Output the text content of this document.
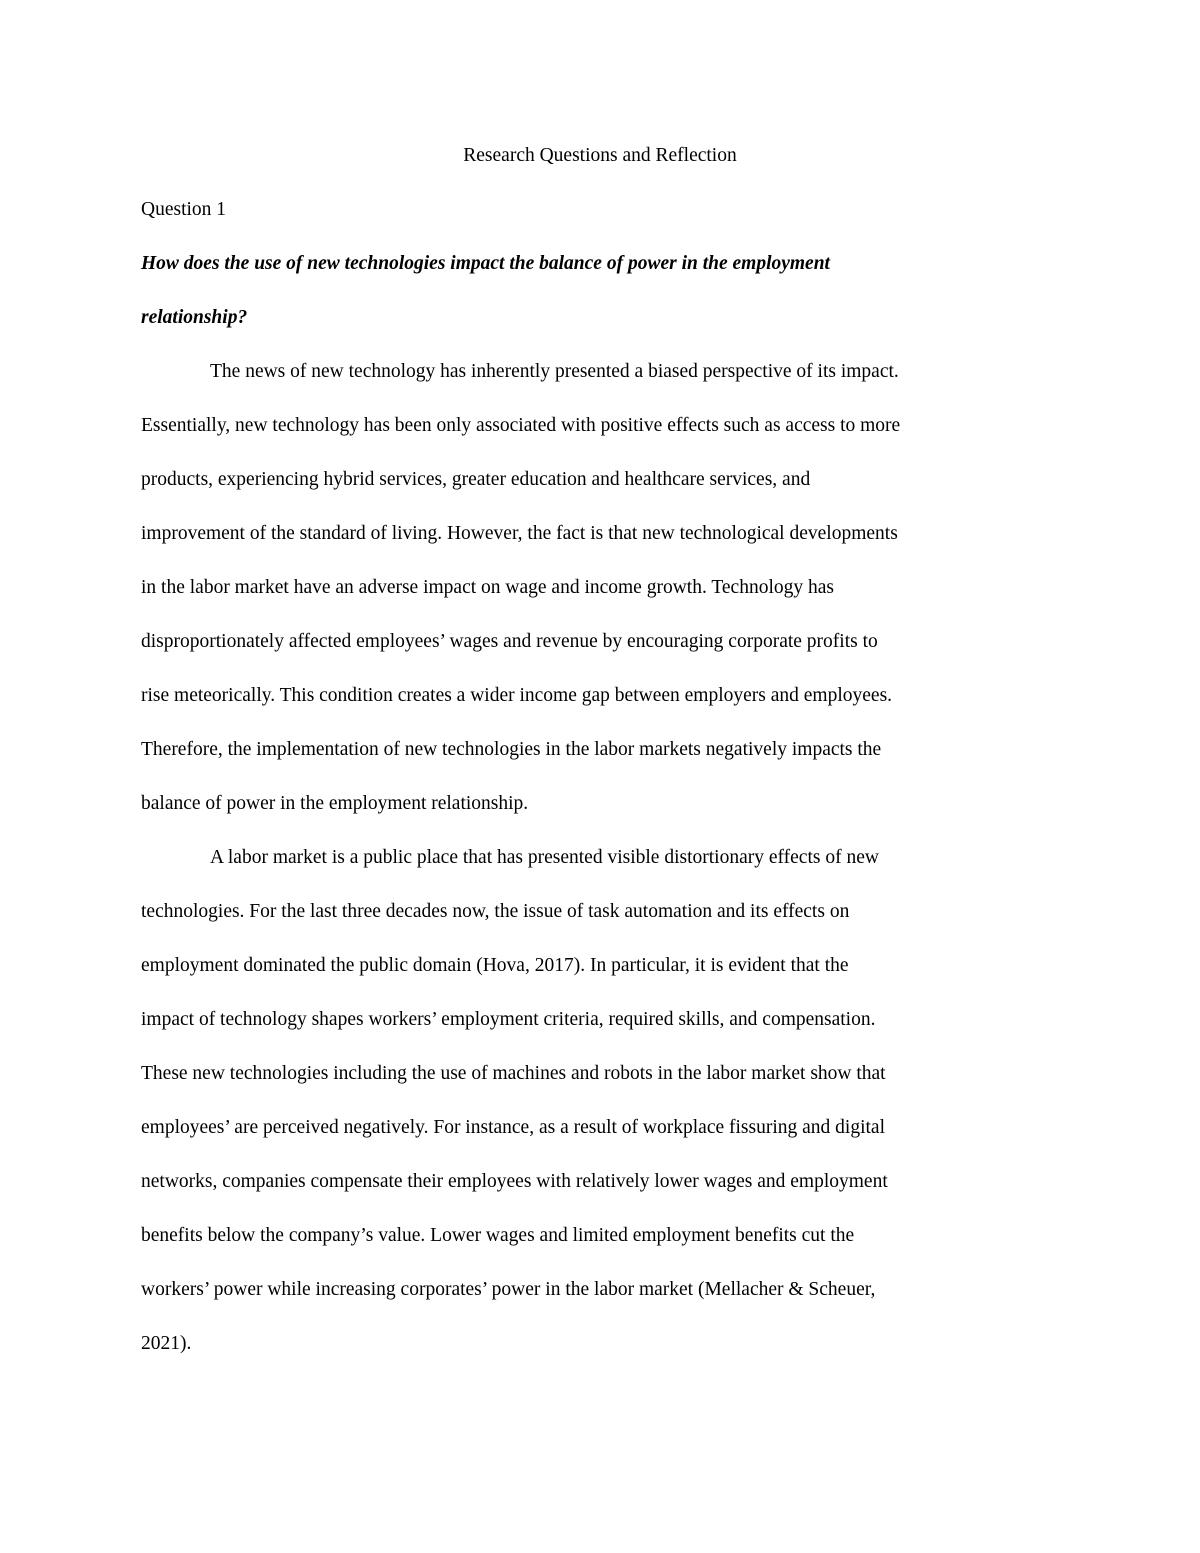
Research Questions and Reflection
Question 1
How does the use of new technologies impact the balance of power in the employment
relationship?
The news of new technology has inherently presented a biased perspective of its impact.
Essentially, new technology has been only associated with positive effects such as access to more
products, experiencing hybrid services, greater education and healthcare services, and
improvement of the standard of living. However, the fact is that new technological developments
in the labor market have an adverse impact on wage and income growth. Technology has
disproportionately affected employees’ wages and revenue by encouraging corporate profits to
rise meteorically. This condition creates a wider income gap between employers and employees.
Therefore, the implementation of new technologies in the labor markets negatively impacts the
balance of power in the employment relationship.
A labor market is a public place that has presented visible distortionary effects of new
technologies. For the last three decades now, the issue of task automation and its effects on
employment dominated the public domain (Hova, 2017). In particular, it is evident that the
impact of technology shapes workers’ employment criteria, required skills, and compensation.
These new technologies including the use of machines and robots in the labor market show that
employees’ are perceived negatively. For instance, as a result of workplace fissuring and digital
networks, companies compensate their employees with relatively lower wages and employment
benefits below the company’s value. Lower wages and limited employment benefits cut the
workers’ power while increasing corporates’ power in the labor market (Mellacher & Scheuer,
2021).
